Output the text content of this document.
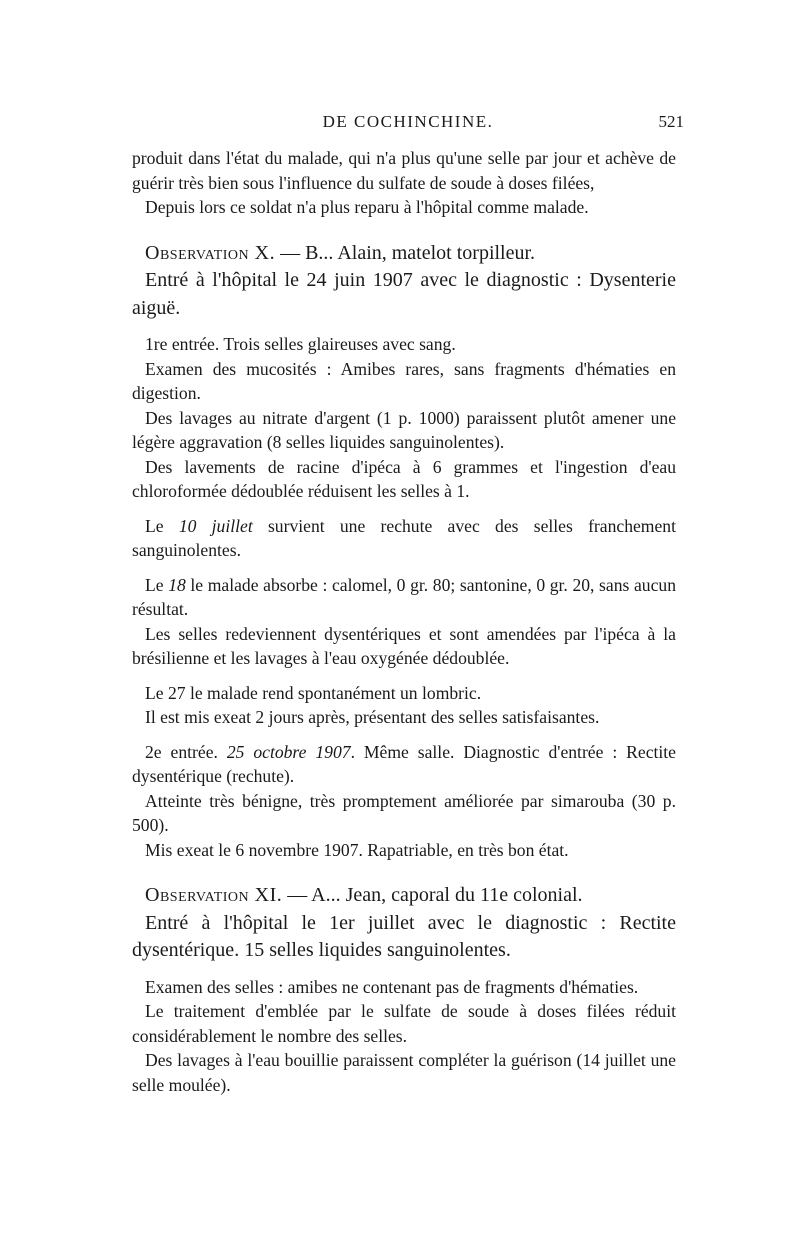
DE COCHINCHINE.	521

produit dans l'état du malade, qui n'a plus qu'une selle par jour et achève de guérir très bien sous l'influence du sulfate de soude à doses filées,

Depuis lors ce soldat n'a plus reparu à l'hôpital comme malade.

Observation X. — B... Alain, matelot torpilleur.

Entré à l'hôpital le 24 juin 1907 avec le diagnostic : Dysenterie aiguë.

1re entrée. Trois selles glaireuses avec sang.

Examen des mucosités : Amibes rares, sans fragments d'hématies en digestion.

Des lavages au nitrate d'argent (1 p. 1000) paraissent plutôt amener une légère aggravation (8 selles liquides sanguinolentes).

Des lavements de racine d'ipéca à 6 grammes et l'ingestion d'eau chloroformée dédoublée réduisent les selles à 1.

Le 10 juillet survient une rechute avec des selles franchement sanguinolentes.

Le 18 le malade absorbe : calomel, 0 gr. 80; santonine, 0 gr. 20, sans aucun résultat.

Les selles redeviennent dysentériques et sont amendées par l'ipéca à la brésilienne et les lavages à l'eau oxygénée dédoublée.

Le 27 le malade rend spontanément un lombric.

Il est mis exeat 2 jours après, présentant des selles satisfaisantes.

2e entrée. 25 octobre 1907. Même salle. Diagnostic d'entrée : Rectite dysentérique (rechute).

Atteinte très bénigne, très promptement améliorée par simarouba (30 p. 500).

Mis exeat le 6 novembre 1907. Rapatriable, en très bon état.

Observation XI. — A... Jean, caporal du 11e colonial.

Entré à l'hôpital le 1er juillet avec le diagnostic : Rectite dysentérique. 15 selles liquides sanguinolentes.

Examen des selles : amibes ne contenant pas de fragments d'hématies.

Le traitement d'emblée par le sulfate de soude à doses filées réduit considérablement le nombre des selles.

Des lavages à l'eau bouillie paraissent compléter la guérison (14 juillet une selle moulée).
